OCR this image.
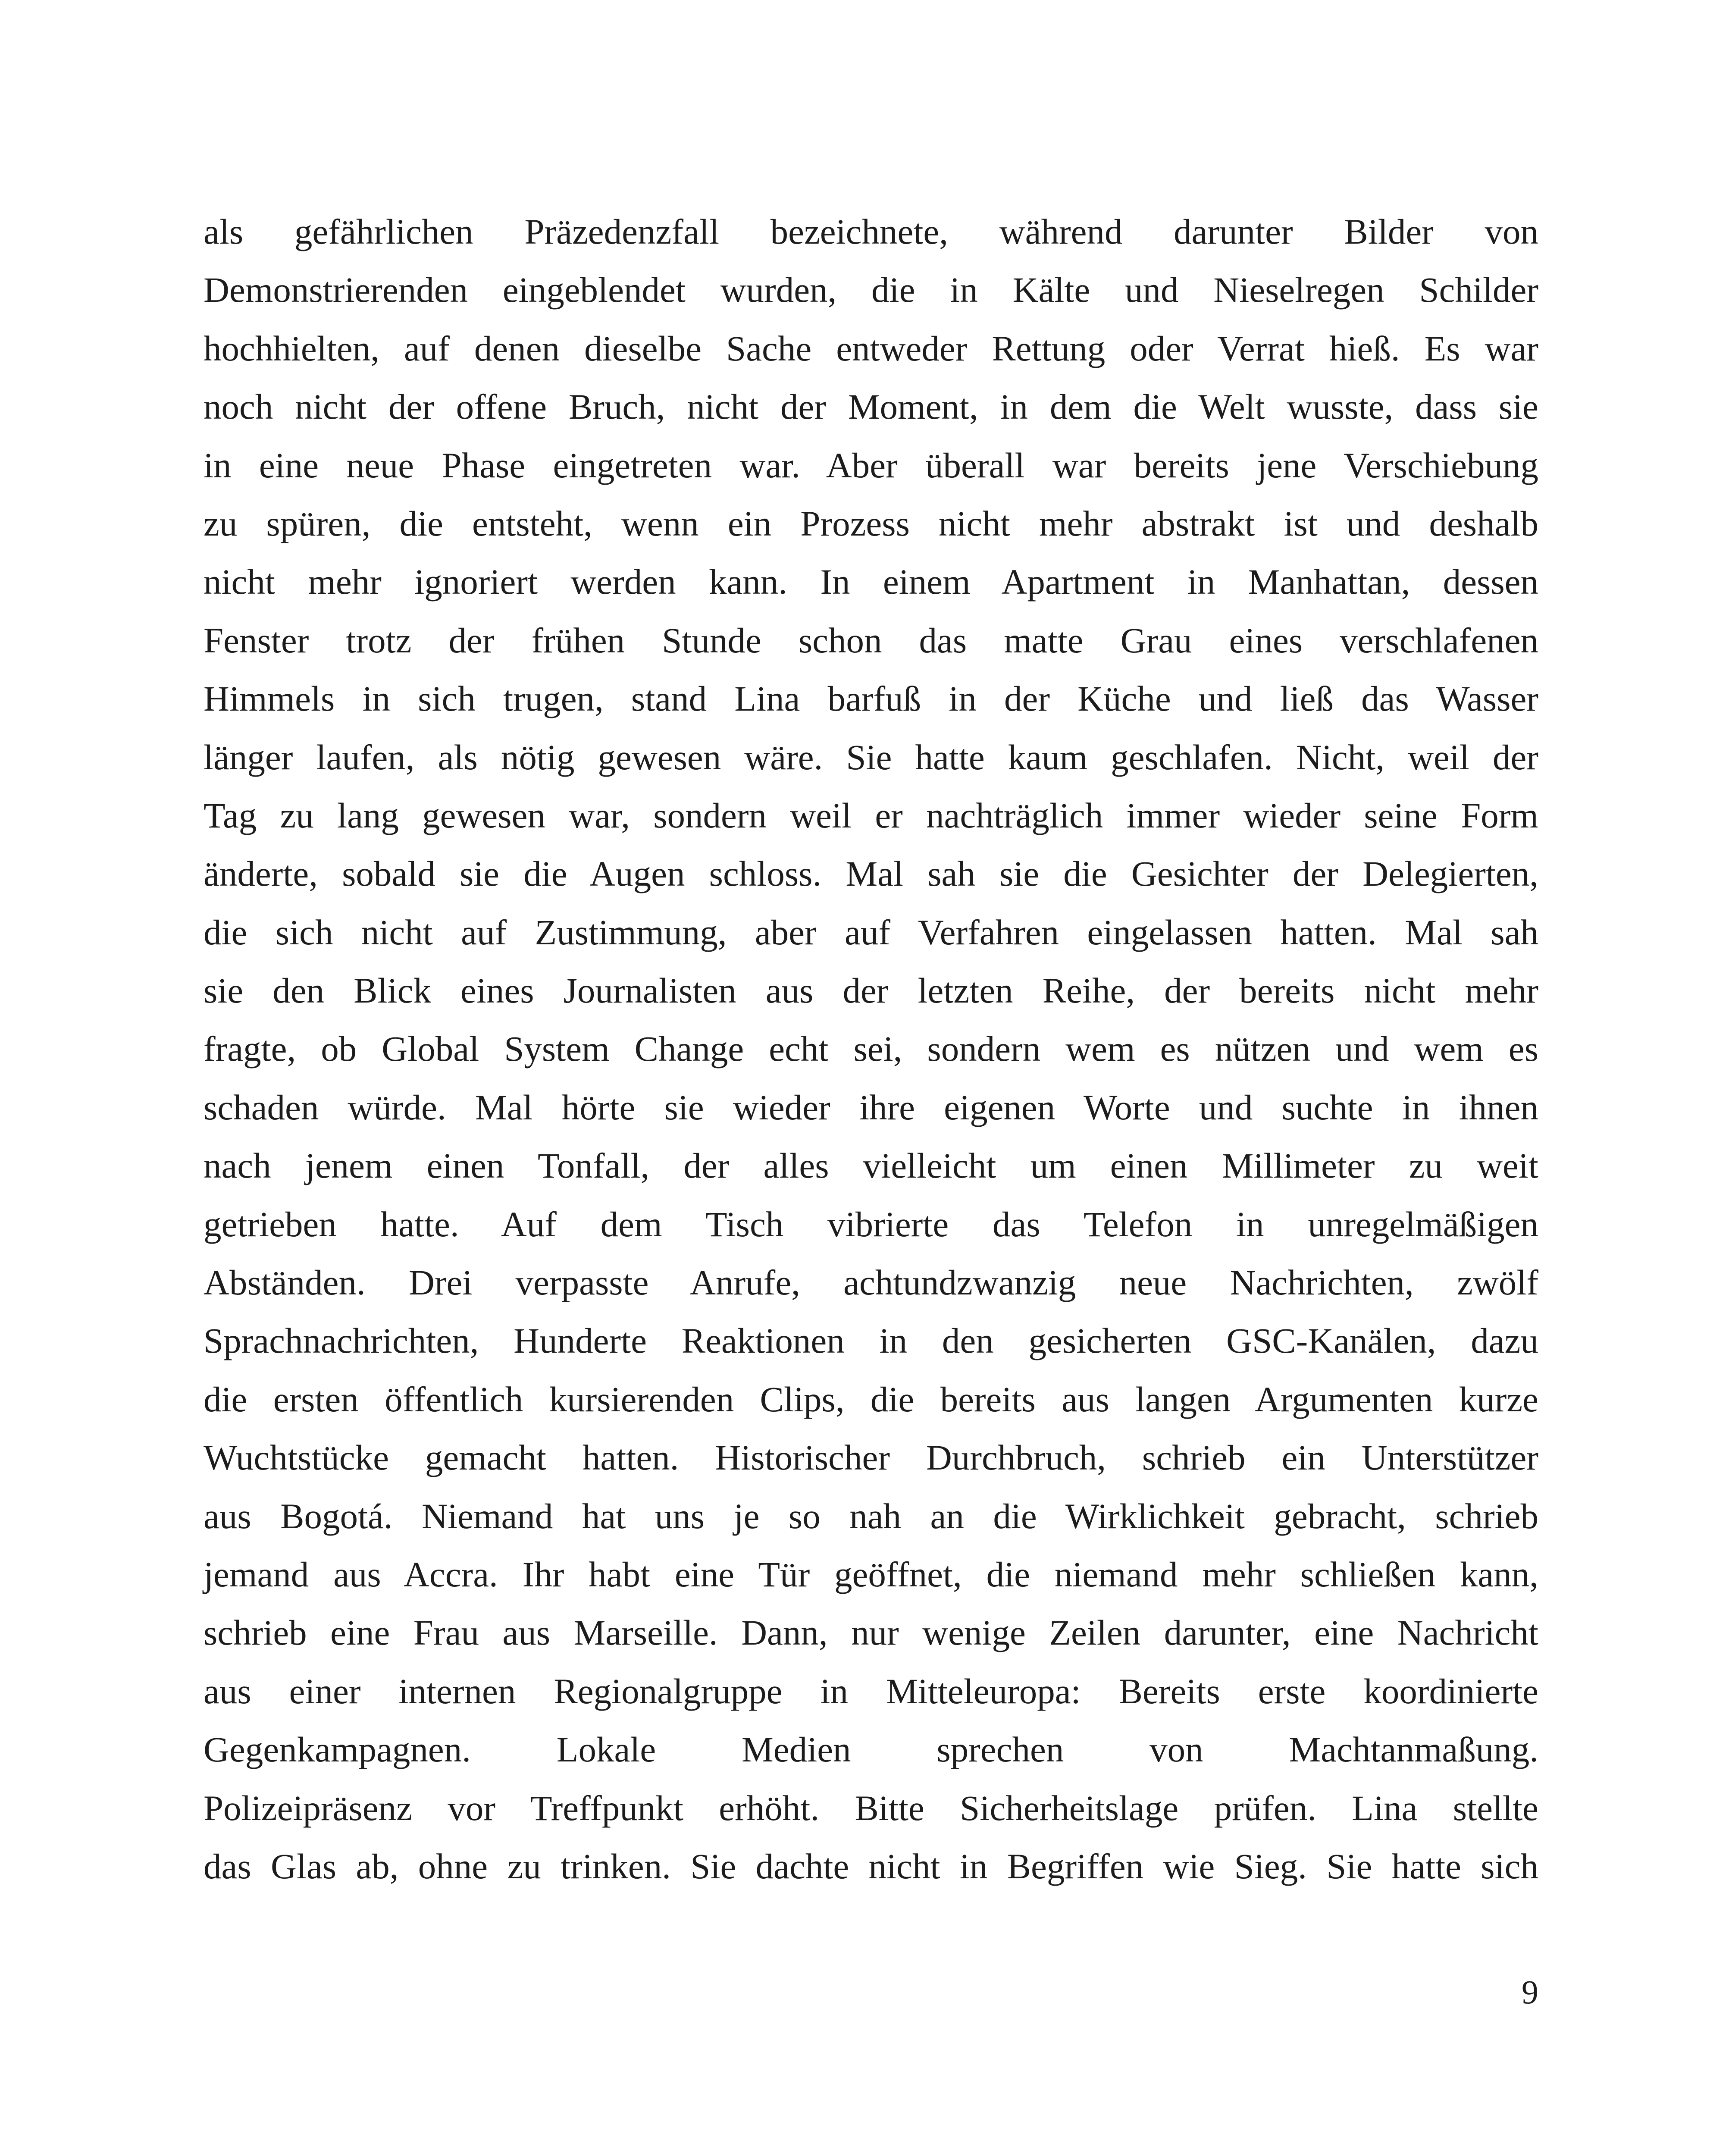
als gefährlichen Präzedenzfall bezeichnete, während darunter Bilder von
Demonstrierenden eingeblendet wurden, die in Kälte und Nieselregen Schilder
hochhielten, auf denen dieselbe Sache entweder Rettung oder Verrat hieß. Es war
noch nicht der offene Bruch, nicht der Moment, in dem die Welt wusste, dass sie
in eine neue Phase eingetreten war. Aber überall war bereits jene Verschiebung
zu spüren, die entsteht, wenn ein Prozess nicht mehr abstrakt ist und deshalb
nicht mehr ignoriert werden kann. In einem Apartment in Manhattan, dessen
Fenster trotz der frühen Stunde schon das matte Grau eines verschlafenen
Himmels in sich trugen, stand Lina barfuß in der Küche und ließ das Wasser
länger laufen, als nötig gewesen wäre. Sie hatte kaum geschlafen. Nicht, weil der
Tag zu lang gewesen war, sondern weil er nachträglich immer wieder seine Form
änderte, sobald sie die Augen schloss. Mal sah sie die Gesichter der Delegierten,
die sich nicht auf Zustimmung, aber auf Verfahren eingelassen hatten. Mal sah
sie den Blick eines Journalisten aus der letzten Reihe, der bereits nicht mehr
fragte, ob Global System Change echt sei, sondern wem es nützen und wem es
schaden würde. Mal hörte sie wieder ihre eigenen Worte und suchte in ihnen
nach jenem einen Tonfall, der alles vielleicht um einen Millimeter zu weit
getrieben hatte. Auf dem Tisch vibrierte das Telefon in unregelmäßigen
Abständen. Drei verpasste Anrufe, achtundzwanzig neue Nachrichten, zwölf
Sprachnachrichten, Hunderte Reaktionen in den gesicherten GSC-Kanälen, dazu
die ersten öffentlich kursierenden Clips, die bereits aus langen Argumenten kurze
Wuchtstücke gemacht hatten. Historischer Durchbruch, schrieb ein Unterstützer
aus Bogotá. Niemand hat uns je so nah an die Wirklichkeit gebracht, schrieb
jemand aus Accra. Ihr habt eine Tür geöffnet, die niemand mehr schließen kann,
schrieb eine Frau aus Marseille. Dann, nur wenige Zeilen darunter, eine Nachricht
aus einer internen Regionalgruppe in Mitteleuropa: Bereits erste koordinierte
Gegenkampagnen. Lokale Medien sprechen von Machtanmaßung.
Polizeipräsenz vor Treffpunkt erhöht. Bitte Sicherheitslage prüfen. Lina stellte
das Glas ab, ohne zu trinken. Sie dachte nicht in Begriffen wie Sieg. Sie hatte sich
9
